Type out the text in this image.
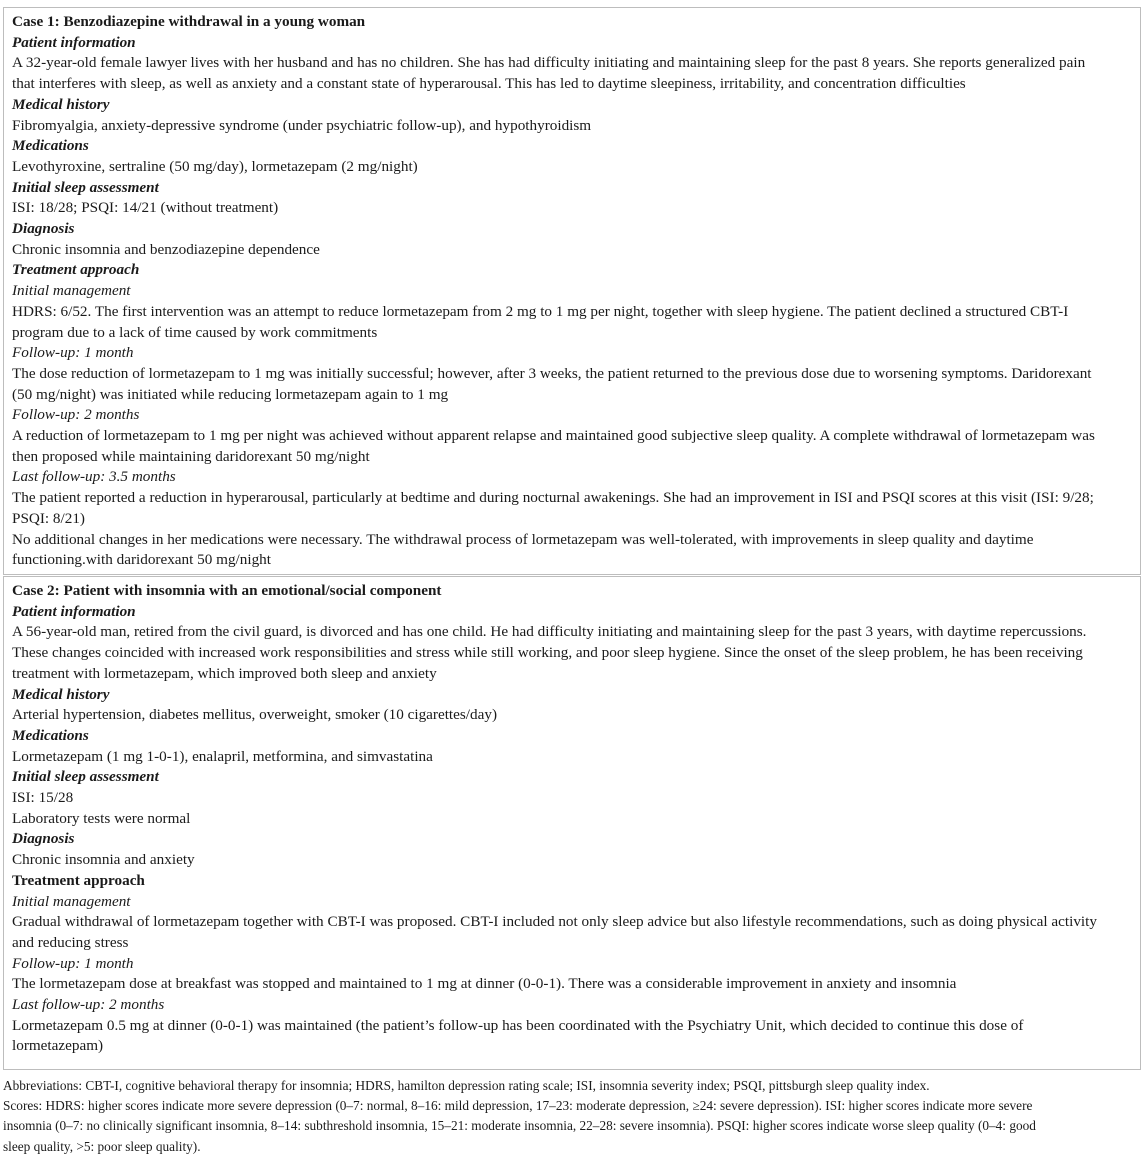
Case 1: Benzodiazepine withdrawal in a young woman
Patient information
A 32-year-old female lawyer lives with her husband and has no children. She has had difficulty initiating and maintaining sleep for the past 8 years. She reports generalized pain
that interferes with sleep, as well as anxiety and a constant state of hyperarousal. This has led to daytime sleepiness, irritability, and concentration difficulties
Medical history
Fibromyalgia, anxiety-depressive syndrome (under psychiatric follow-up), and hypothyroidism
Medications
Levothyroxine, sertraline (50 mg/day), lormetazepam (2 mg/night)
Initial sleep assessment
ISI: 18/28; PSQI: 14/21 (without treatment)
Diagnosis
Chronic insomnia and benzodiazepine dependence
Treatment approach
Initial management
HDRS: 6/52. The first intervention was an attempt to reduce lormetazepam from 2 mg to 1 mg per night, together with sleep hygiene. The patient declined a structured CBT-I
program due to a lack of time caused by work commitments
Follow-up: 1 month
The dose reduction of lormetazepam to 1 mg was initially successful; however, after 3 weeks, the patient returned to the previous dose due to worsening symptoms. Daridorexant
(50 mg/night) was initiated while reducing lormetazepam again to 1 mg
Follow-up: 2 months
A reduction of lormetazepam to 1 mg per night was achieved without apparent relapse and maintained good subjective sleep quality. A complete withdrawal of lormetazepam was
then proposed while maintaining daridorexant 50 mg/night
Last follow-up: 3.5 months
The patient reported a reduction in hyperarousal, particularly at bedtime and during nocturnal awakenings. She had an improvement in ISI and PSQI scores at this visit (ISI: 9/28;
PSQI: 8/21)
No additional changes in her medications were necessary. The withdrawal process of lormetazepam was well-tolerated, with improvements in sleep quality and daytime
functioning.with daridorexant 50 mg/night
Case 2: Patient with insomnia with an emotional/social component
Patient information
A 56-year-old man, retired from the civil guard, is divorced and has one child. He had difficulty initiating and maintaining sleep for the past 3 years, with daytime repercussions.
These changes coincided with increased work responsibilities and stress while still working, and poor sleep hygiene. Since the onset of the sleep problem, he has been receiving
treatment with lormetazepam, which improved both sleep and anxiety
Medical history
Arterial hypertension, diabetes mellitus, overweight, smoker (10 cigarettes/day)
Medications
Lormetazepam (1 mg 1-0-1), enalapril, metformina, and simvastatina
Initial sleep assessment
ISI: 15/28
Laboratory tests were normal
Diagnosis
Chronic insomnia and anxiety
Treatment approach
Initial management
Gradual withdrawal of lormetazepam together with CBT-I was proposed. CBT-I included not only sleep advice but also lifestyle recommendations, such as doing physical activity
and reducing stress
Follow-up: 1 month
The lormetazepam dose at breakfast was stopped and maintained to 1 mg at dinner (0-0-1). There was a considerable improvement in anxiety and insomnia
Last follow-up: 2 months
Lormetazepam 0.5 mg at dinner (0-0-1) was maintained (the patient’s follow-up has been coordinated with the Psychiatry Unit, which decided to continue this dose of
lormetazepam)
Abbreviations: CBT-I, cognitive behavioral therapy for insomnia; HDRS, hamilton depression rating scale; ISI, insomnia severity index; PSQI, pittsburgh sleep quality index.
Scores: HDRS: higher scores indicate more severe depression (0–7: normal, 8–16: mild depression, 17–23: moderate depression, ≥24: severe depression). ISI: higher scores indicate more severe
insomnia (0–7: no clinically significant insomnia, 8–14: subthreshold insomnia, 15–21: moderate insomnia, 22–28: severe insomnia). PSQI: higher scores indicate worse sleep quality (0–4: good
sleep quality, >5: poor sleep quality).
